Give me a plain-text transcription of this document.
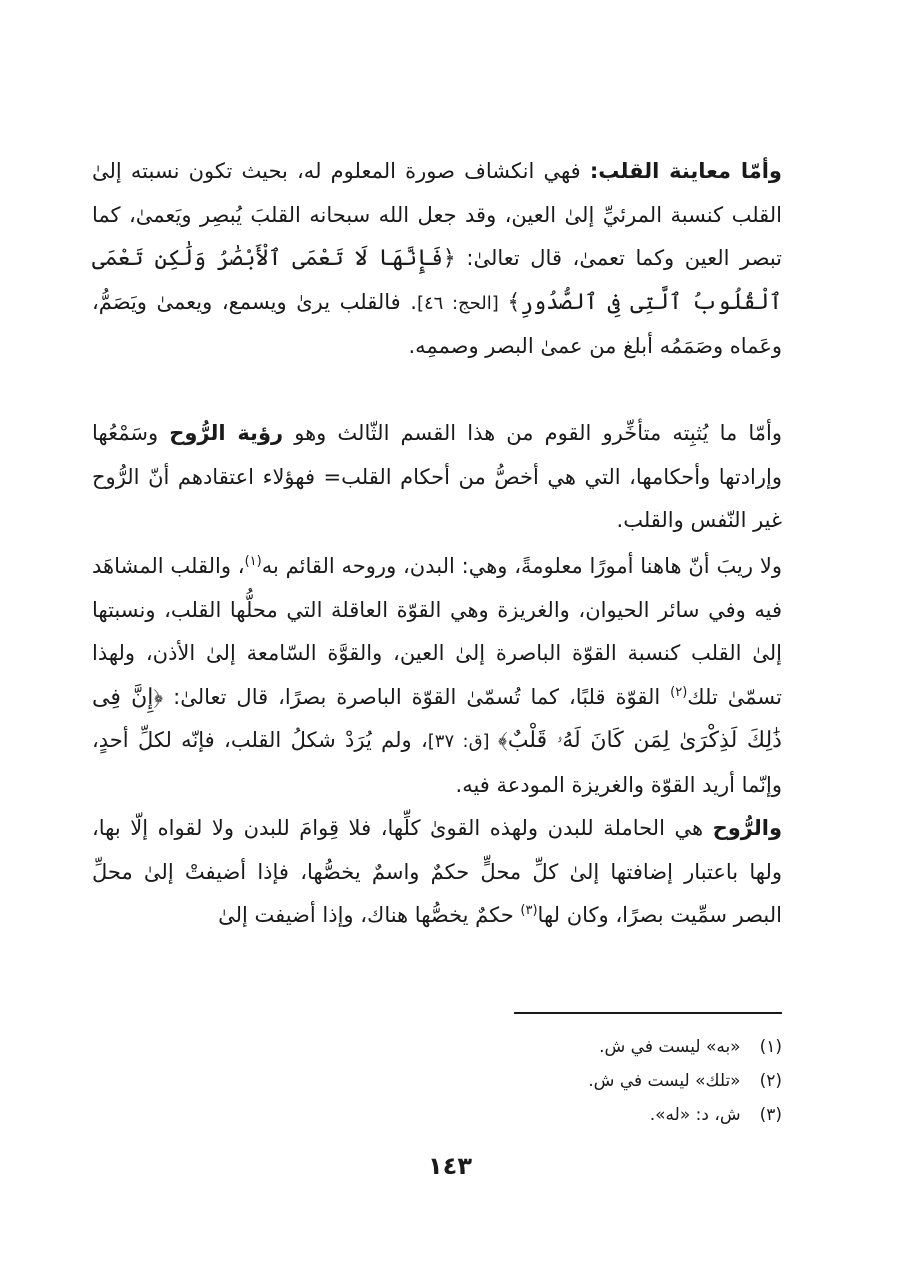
وأمّا معاينة القلب: فهي انكشاف صورة المعلوم له، بحيث تكون نسبته إلىٰ القلب كنسبة المرئيِّ إلىٰ العين، وقد جعل الله سبحانه القلبَ يُبصِر ويَعمىٰ، كما تبصر العين وكما تعمىٰ، قال تعالىٰ: ﴿فَإِنَّهَا لَا تَعْمَى ٱلْأَبْصَٰرُ وَلَٰكِن تَعْمَى ٱلْقُلُوبُ ٱلَّتِى فِى ٱلصُّدُورِ﴾ [الحج: ٤٦]. فالقلب يرىٰ ويسمع، ويعمىٰ ويَصَمُّ، وعَماه وصَمَمُه أبلغ من عمىٰ البصر وصممِه.

وأمّا ما يُثبِته متأخِّرو القوم من هذا القسم الثّالث وهو رؤية الرُّوح وسَمْعُها وإرادتها وأحكامها، التي هي أخصُّ من أحكام القلب= فهؤلاء اعتقادهم أنّ الرُّوح غير النّفس والقلب.

ولا ريبَ أنّ هاهنا أمورًا معلومةً، وهي: البدن، وروحه القائم به$^{(١)}$، والقلب المشاهَد فيه وفي سائر الحيوان، والغريزة وهي القوّة العاقلة التي محلُّها القلب، ونسبتها إلىٰ القلب كنسبة القوّة الباصرة إلىٰ العين، والقوَّة السّامعة إلىٰ الأذن، ولهذا تسمّىٰ تلك$^{(٢)}$ القوّة قلبًا، كما تُسمّىٰ القوّة الباصرة بصرًا، قال تعالىٰ: ﴿إِنَّ فِى ذَٰلِكَ لَذِكْرَىٰ لِمَن كَانَ لَهُۥ قَلْبٌ﴾ [ق: ٣٧]، ولم يُرَدْ شكلُ القلب، فإنّه لكلِّ أحدٍ، وإنّما أريد القوّة والغريزة المودعة فيه.

والرُّوح هي الحاملة للبدن ولهذه القوىٰ كلِّها، فلا قِوامَ للبدن ولا لقواه إلّا بها، ولها باعتبار إضافتها إلىٰ كلِّ محلٍّ حكمٌ واسمٌ يخصُّها، فإذا أضيفتْ إلىٰ محلِّ البصر سمِّيت بصرًا، وكان لها$^{(٣)}$ حكمٌ يخصُّها هناك، وإذا أضيفت إلىٰ

(١) «به» ليست في ش.
(٢) «تلك» ليست في ش.
(٣) ش، د: «له».
١٤٣
